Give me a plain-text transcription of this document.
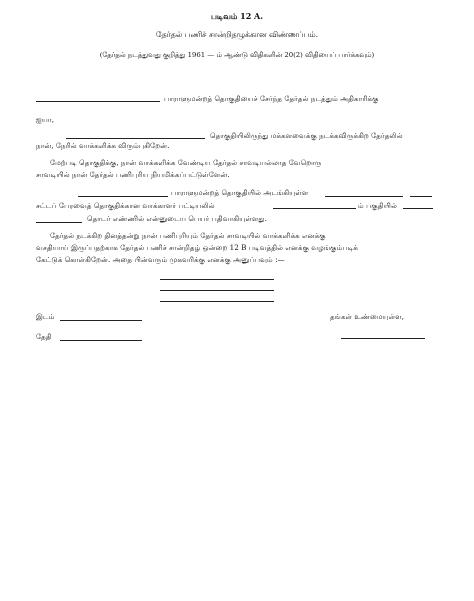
படிவம் 12 A.
தேர்தல் பணிச் சான்றிதழுக்கான விண்ணப்பம்.
(தேர்தல் நடத்துவது குறித்து 1961 — ம் ஆண்டு விதிகளின் 20(2) விதியைப் பார்க்கவும்)
பாராளுமன்றத் தொகுதியைச் சேர்ந்த தேர்தல் நடத்தும் அதிகாரிக்கு
ஐயா,
தொகுதியிலிருந்து மக்களவைக்கு நடக்கவிருக்கிற தேர்தலில்
நான், நேரில் வாக்களிக்க விரும்புகிறேன்.
மேற்படி தொகுதிக்கு, நான் வாக்களிக்க வேண்டிய தேர்தல் சாவடியல்லாத வேறொரு
சாவடியில் நான் தேர்தல் பணிபுரிய நியமிக்கப்பட்டுள்ளேன்.
பாராளுமன்றத் தொகுதியில் அடங்கியுள்ள
சட்டப் பேரவைத் தொகுதிக்கான வாக்காளர் பட்டியலில்	ம் பகுதியில்
தொடர் எண்ணில் என்னுடைய பெயர் பதிவாகியுள்ளது.
தேர்தல் நடக்கிற தினத்தன்று நான் பணிபுரியும் தேர்தல் சாவடியில் வாக்களிக்க எனக்கு
வசதியாய் இருப்பதற்காக தேர்தல் பணிச் சான்றிதழ் ஒன்றை 12 B படிவத்தில் எனக்கு வழங்கும்படிக்
கேட்டுக் கொள்கிறேன். அதை பின்வரும் முகவரிக்கு எனக்கு அனுப்பவும் :—
இடம்	தங்கள் உண்மையுள்ள,
தேதி
